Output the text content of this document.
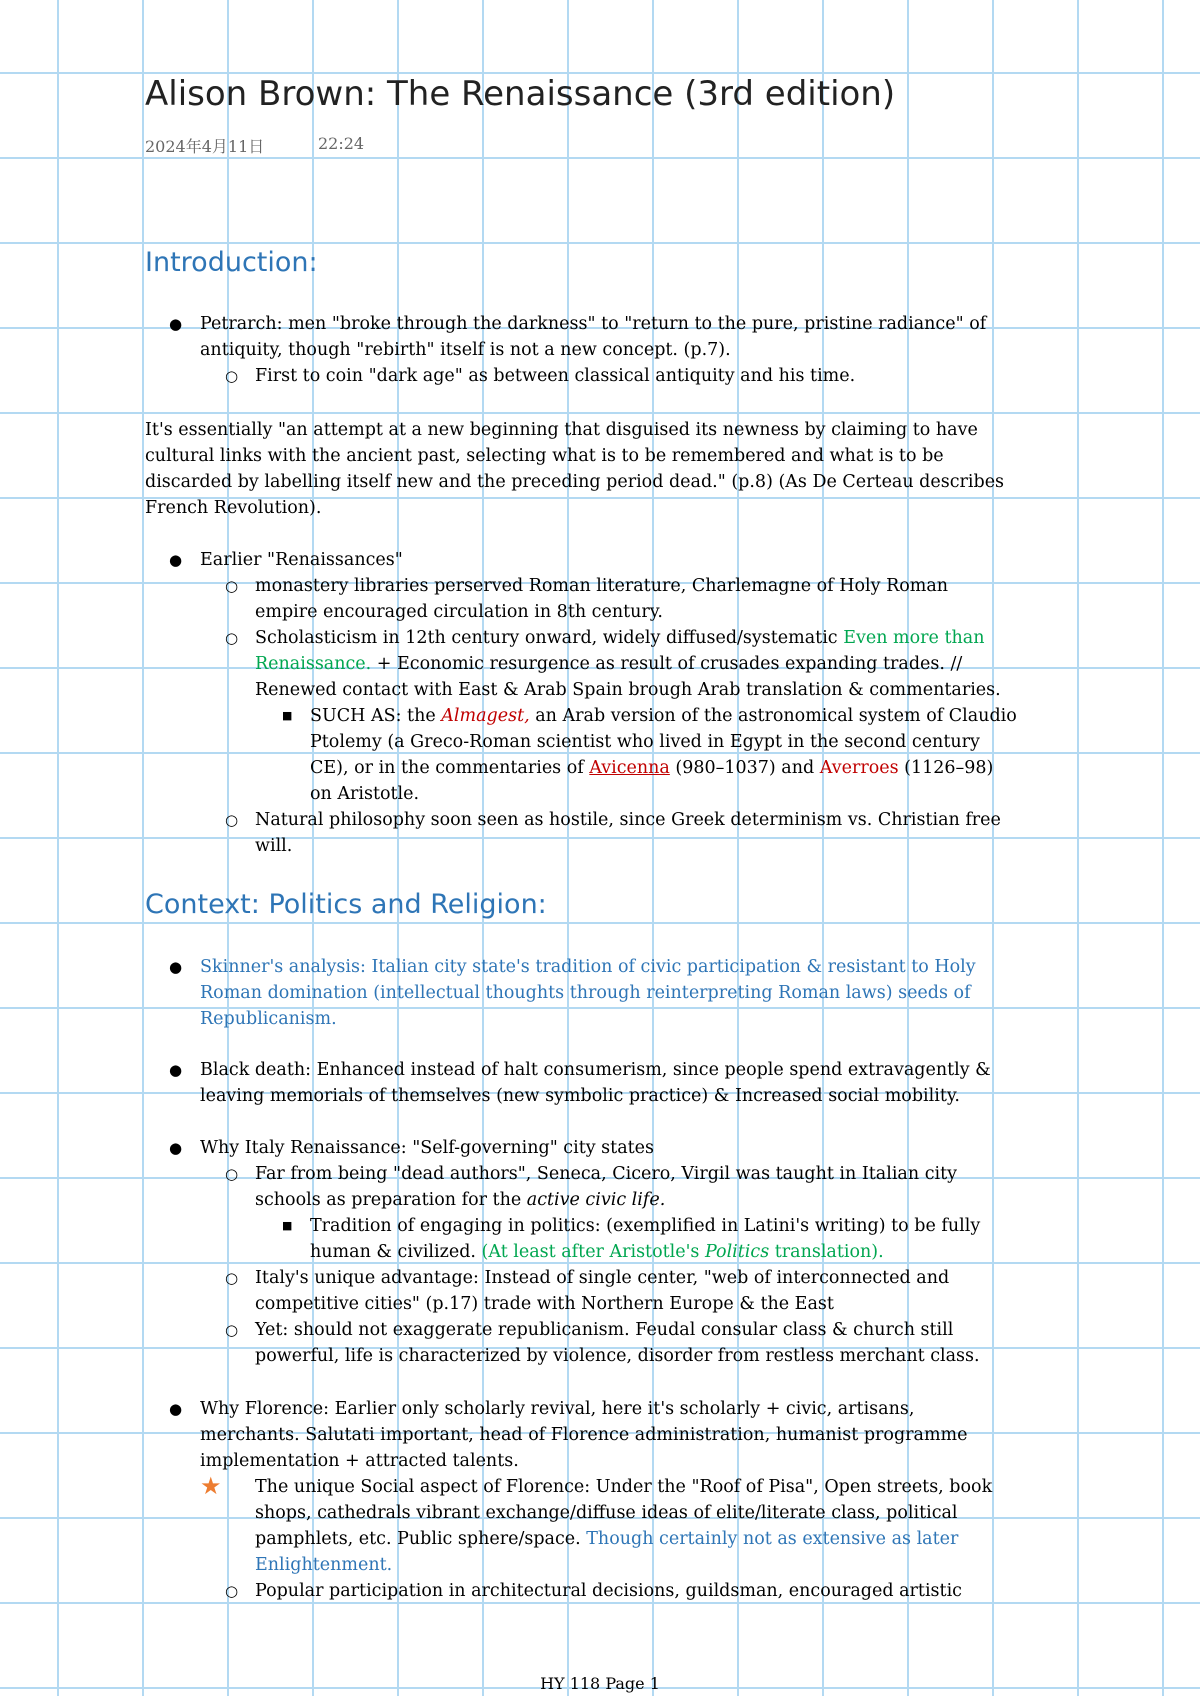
Alison Brown: The Renaissance (3rd edition)
2024年4月11日	22:24
Introduction:
● Petrarch: men "broke through the darkness" to "return to the pure, pristine radiance" of
antiquity, though "rebirth" itself is not a new concept. (p.7).
○ First to coin "dark age" as between classical antiquity and his time.
It's essentially "an attempt at a new beginning that disguised its newness by claiming to have
cultural links with the ancient past, selecting what is to be remembered and what is to be
discarded by labelling itself new and the preceding period dead." (p.8) (As De Certeau describes
French Revolution).
● Earlier "Renaissances"
○ monastery libraries perserved Roman literature, Charlemagne of Holy Roman
empire encouraged circulation in 8th century.
○ Scholasticism in 12th century onward, widely diffused/systematic Even more than
Renaissance. + Economic resurgence as result of crusades expanding trades. //
Renewed contact with East & Arab Spain brough Arab translation & commentaries.
■ SUCH AS: the Almagest, an Arab version of the astronomical system of Claudio
Ptolemy (a Greco-Roman scientist who lived in Egypt in the second century
CE), or in the commentaries of Avicenna (980–1037) and Averroes (1126–98)
on Aristotle.
○ Natural philosophy soon seen as hostile, since Greek determinism vs. Christian free
will.
Context: Politics and Religion:
● Skinner's analysis: Italian city state's tradition of civic participation & resistant to Holy
Roman domination (intellectual thoughts through reinterpreting Roman laws) seeds of
Republicanism.
● Black death: Enhanced instead of halt consumerism, since people spend extravagently &
leaving memorials of themselves (new symbolic practice) & Increased social mobility.
● Why Italy Renaissance: "Self-governing" city states
○ Far from being "dead authors", Seneca, Cicero, Virgil was taught in Italian city
schools as preparation for the active civic life.
■ Tradition of engaging in politics: (exemplified in Latini's writing) to be fully
human & civilized. (At least after Aristotle's Politics translation).
○ Italy's unique advantage: Instead of single center, "web of interconnected and
competitive cities" (p.17) trade with Northern Europe & the East
○ Yet: should not exaggerate republicanism. Feudal consular class & church still
powerful, life is characterized by violence, disorder from restless merchant class.
● Why Florence: Earlier only scholarly revival, here it's scholarly + civic, artisans,
merchants. Salutati important, head of Florence administration, humanist programme
implementation + attracted talents.
★ The unique Social aspect of Florence: Under the "Roof of Pisa", Open streets, book
shops, cathedrals vibrant exchange/diffuse ideas of elite/literate class, political
pamphlets, etc. Public sphere/space. Though certainly not as extensive as later
Enlightenment.
○ Popular participation in architectural decisions, guildsman, encouraged artistic
HY 118 Page 1
